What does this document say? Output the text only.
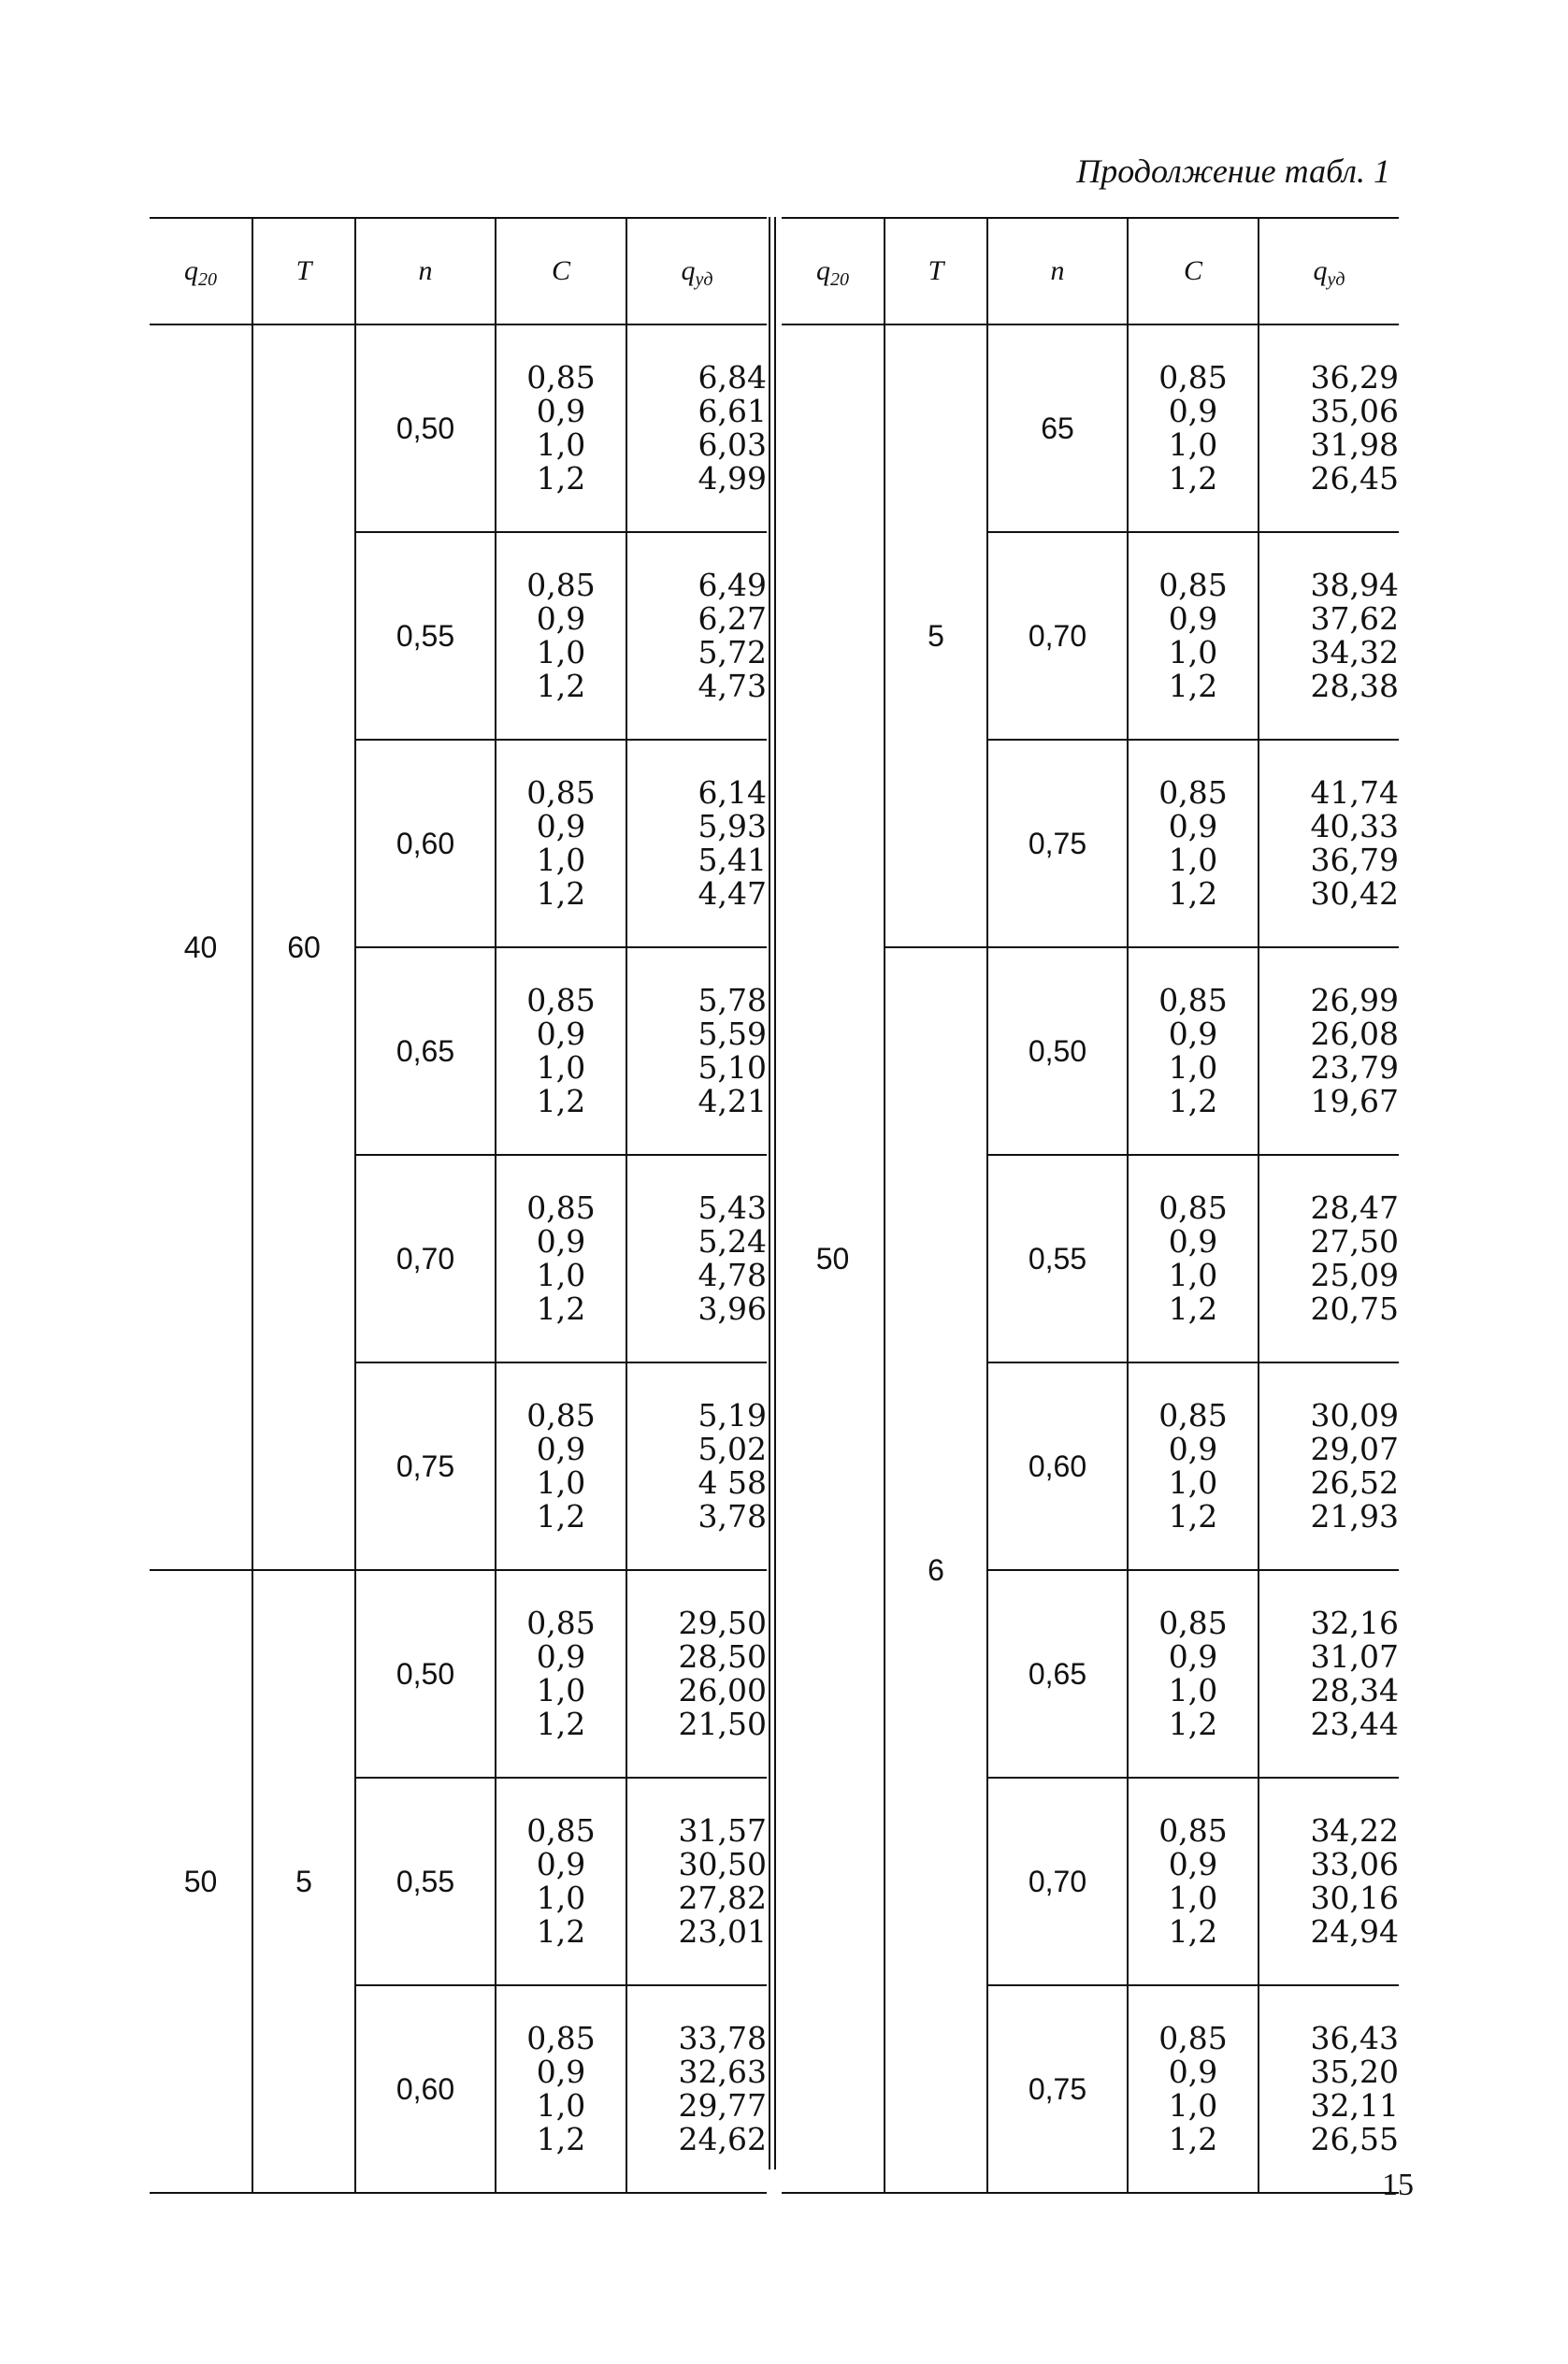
Продолжение табл. 1
$q_{20}$	T	n	C	$q_{уд}$
40	60	0,50	0,85
0,9
1,0
1,2	6,84
6,61
6,03
4,99

		0,55	0,85
0,9
1,0
1,2	6,49
6,27
5,72
4,73

		0,60	0,85
0,9
1,0
1,2	6,14
5,93
5,41
4,47

		0,65	0,85
0,9
1,0
1,2	5,78
5,59
5,10
4,21

		0,70	0,85
0,9
1,0
1,2	5,43
5,24
4,78
3,96

		0,75	0,85
0,9
1,0
1,2	5,19
5,02
4 58
3,78

50	5	0,50	0,85
0,9
1,0
1,2	29,50
28,50
26,00
21,50

		0,55	0,85
0,9
1,0
1,2	31,57
30,50
27,82
23,01

		0,60	0,85
0,9
1,0
1,2	33,78
32,63
29,77
24,62
$q_{20}$	T	n	C	$q_{уд}$
50	5	65	0,85
0,9
1,0
1,2	36,29
35,06
31,98
26,45

		0,70	0,85
0,9
1,0
1,2	38,94
37,62
34,32
28,38

		0,75	0,85
0,9
1,0
1,2	41,74
40,33
36,79
30,42

	6	0,50	0,85
0,9
1,0
1,2	26,99
26,08
23,79
19,67

		0,55	0,85
0,9
1,0
1,2	28,47
27,50
25,09
20,75

		0,60	0,85
0,9
1,0
1,2	30,09
29,07
26,52
21,93

		0,65	0,85
0,9
1,0
1,2	32,16
31,07
28,34
23,44

		0,70	0,85
0,9
1,0
1,2	34,22
33,06
30,16
24,94

		0,75	0,85
0,9
1,0
1,2	36,43
35,20
32,11
26,55
15
